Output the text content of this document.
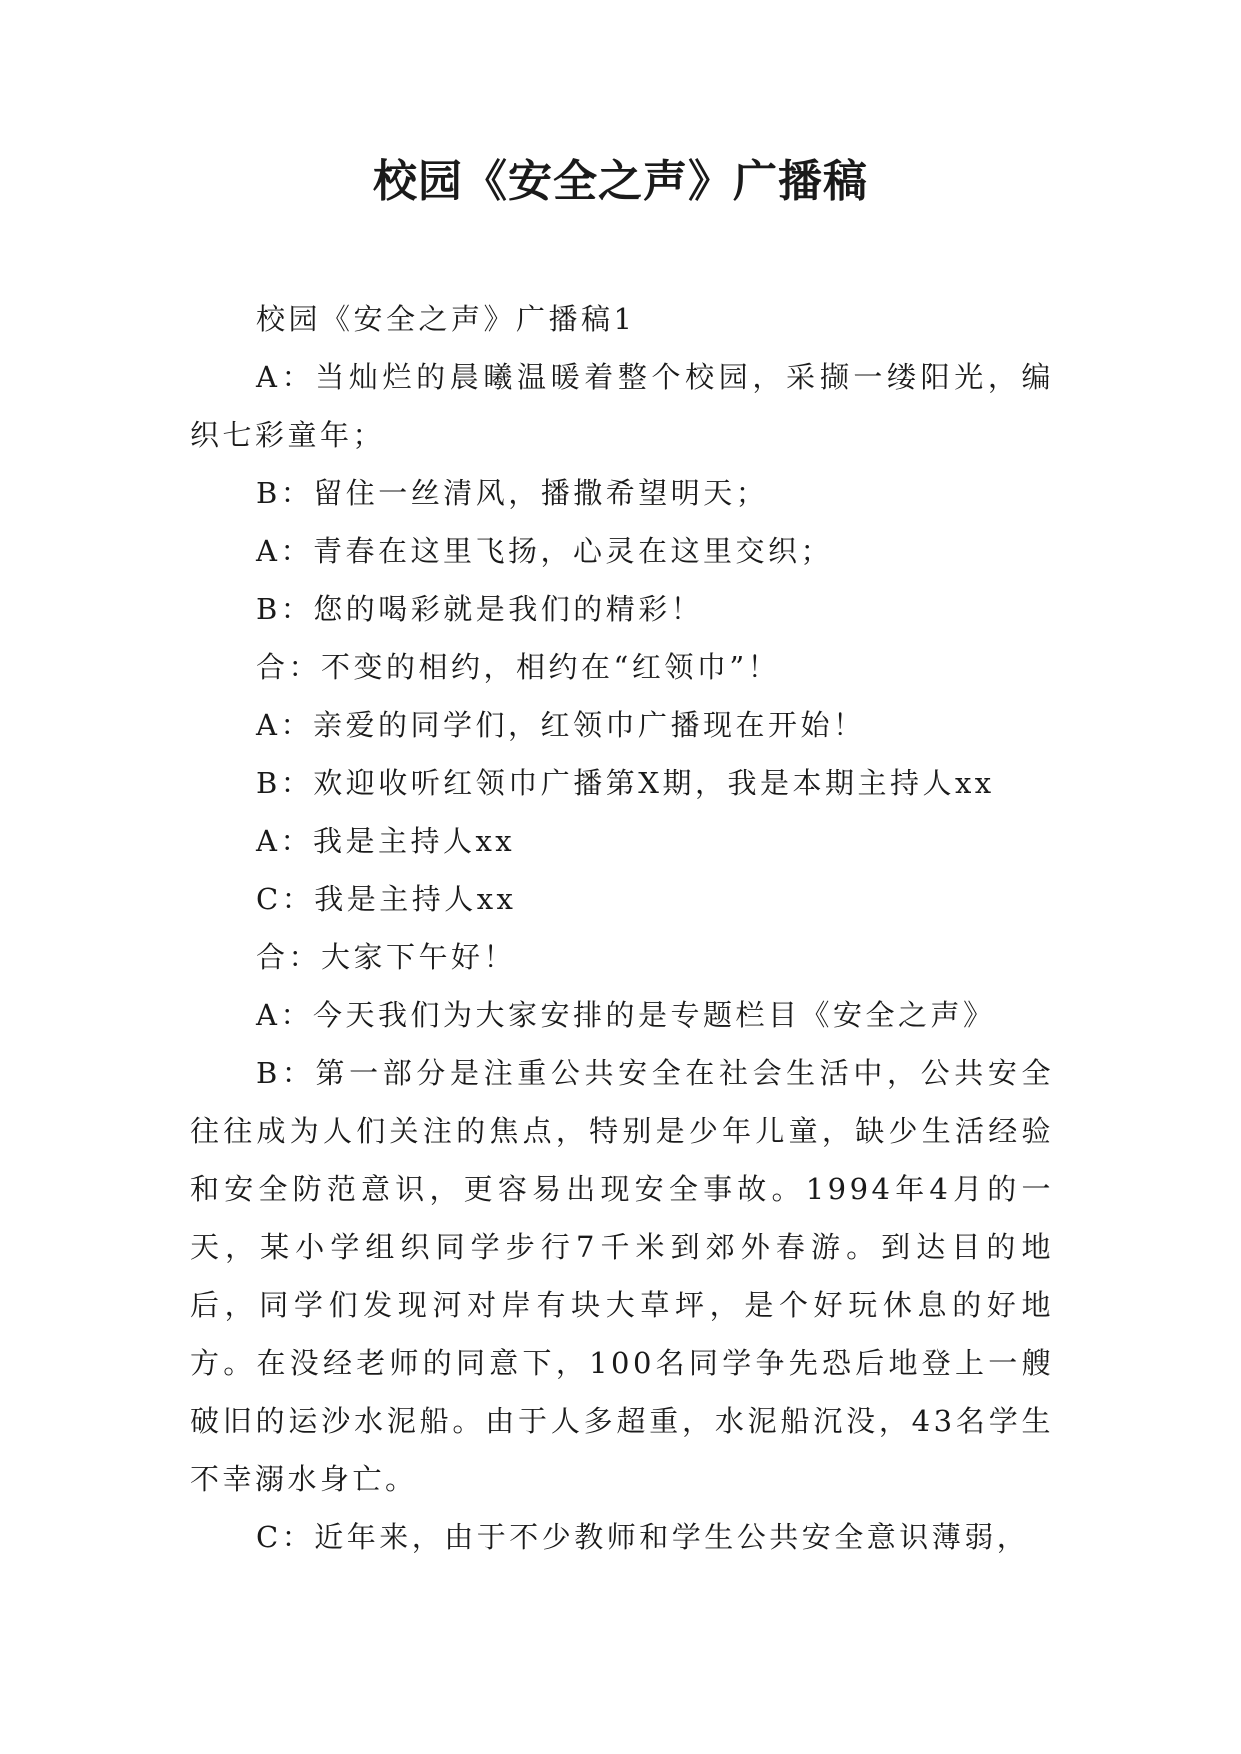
校园《安全之声》广播稿

校园《安全之声》广播稿1

A：当灿烂的晨曦温暖着整个校园，采撷一缕阳光，编织七彩童年；

B：留住一丝清风，播撒希望明天；

A：青春在这里飞扬，心灵在这里交织；

B：您的喝彩就是我们的精彩！

合：不变的相约，相约在“红领巾”！

A：亲爱的同学们，红领巾广播现在开始！

B：欢迎收听红领巾广播第X期，我是本期主持人xx

A：我是主持人xx

C：我是主持人xx

合：大家下午好！

A：今天我们为大家安排的是专题栏目《安全之声》

B：第一部分是注重公共安全在社会生活中，公共安全往往成为人们关注的焦点，特别是少年儿童，缺少生活经验和安全防范意识，更容易出现安全事故。1994年4月的一天，某小学组织同学步行7千米到郊外春游。到达目的地后，同学们发现河对岸有块大草坪，是个好玩休息的好地方。在没经老师的同意下，100名同学争先恐后地登上一艘破旧的运沙水泥船。由于人多超重，水泥船沉没，43名学生不幸溺水身亡。

C：近年来，由于不少教师和学生公共安全意识薄弱，
